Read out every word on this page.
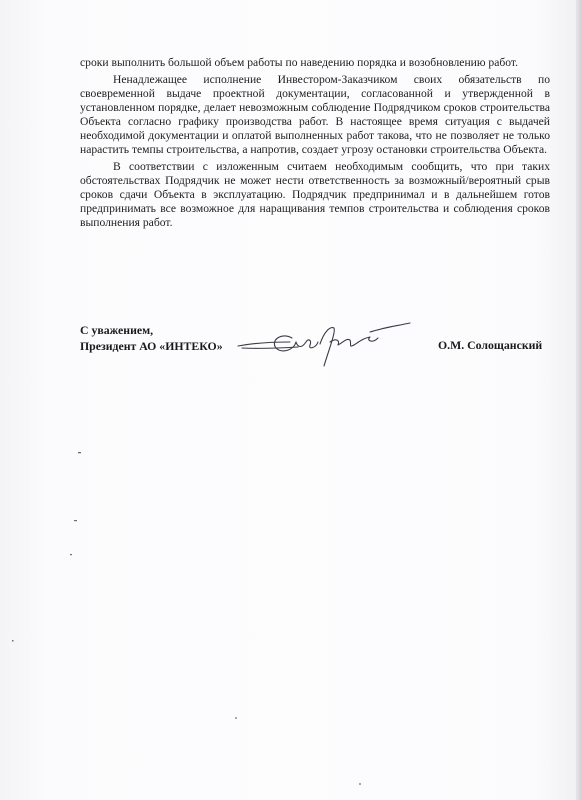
сроки выполнить большой объем работы по наведению порядка и возобновлению работ.

Ненадлежащее исполнение Инвестором-Заказчиком своих обязательств по своевременной выдаче проектной документации, согласованной и утвержденной в установленном порядке, делает невозможным соблюдение Подрядчиком сроков строительства Объекта согласно графику производства работ. В настоящее время ситуация с выдачей необходимой документации и оплатой выполненных работ такова, что не позволяет не только нарастить темпы строительства, а напротив, создает угрозу остановки строительства Объекта.

В соответствии с изложенным считаем необходимым сообщить, что при таких обстоятельствах Подрядчик не может нести ответственность за возможный/вероятный срыв сроков сдачи Объекта в эксплуатацию. Подрядчик предпринимал и в дальнейшем готов предпринимать все возможное для наращивания темпов строительства и соблюдения сроков выполнения работ.

С уважением,
Президент АО «ИНТЕКО»	О.М. Солощанский
